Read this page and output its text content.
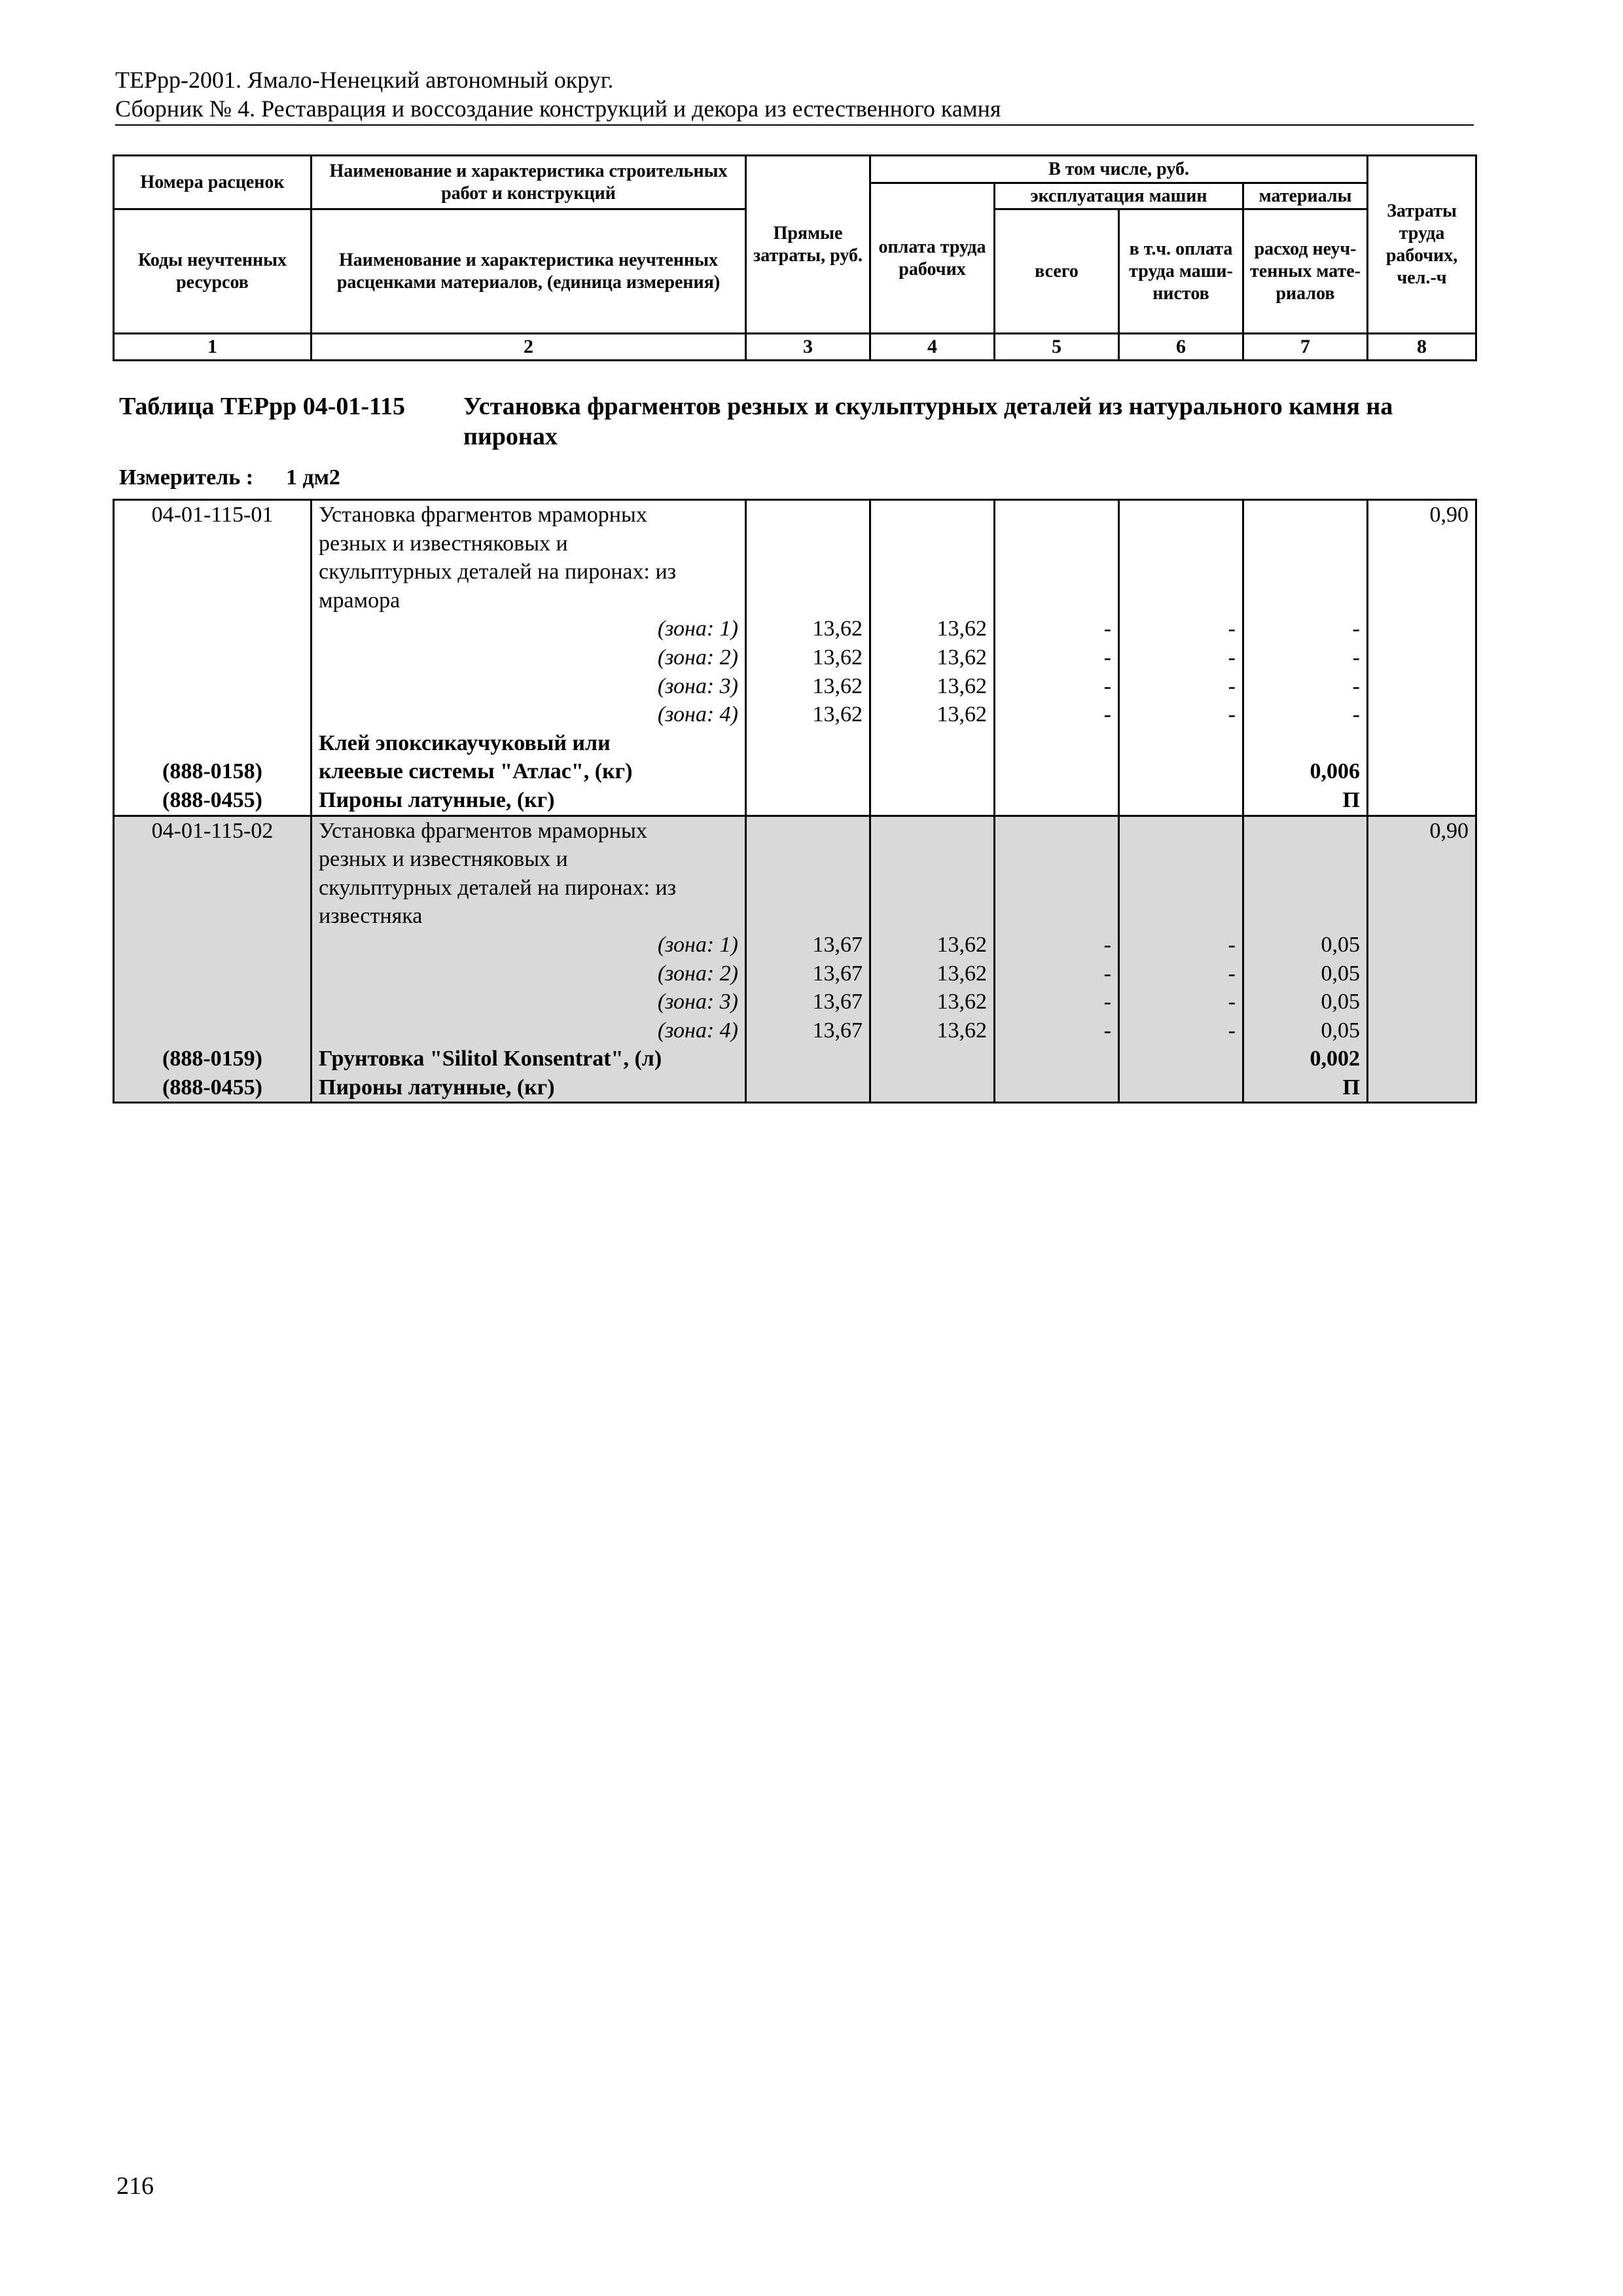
ТЕРрр-2001. Ямало-Ненецкий автономный округ.
Сборник № 4. Реставрация и воссоздание конструкций и декора из естественного камня
Номера расценок	Наименование и характеристика строительных работ и конструкций	Прямые затраты, руб.	В том числе, руб.				Затраты труда рабочих, чел.-ч
			оплата труда рабочих	эксплуатация машин		материалы	
Коды неучтенных ресурсов	Наименование и характеристика неучтенных расценками материалов, (единица измерения)			всего	в т.ч. оплата труда маши-нистов	расход неуч-тенных мате-риалов	

1	2	3	4	5	6	7	8
Таблица ТЕРрр 04-01-115 Установка фрагментов резных и скульптурных деталей из натурального камня на пиронах
Измеритель : 1 дм2
04-01-115-01	Установка фрагментов мраморных						0,90
	резных и известняковых и						
	скульптурных деталей на пиронах: из						
	мрамора						
	(зона: 1)	13,62	13,62	-	-	-	
	(зона: 2)	13,62	13,62	-	-	-	
	(зона: 3)	13,62	13,62	-	-	-	
	(зона: 4)	13,62	13,62	-	-	-	
	Клей эпоксикаучуковый или						
(888-0158)	клеевые системы "Атлас", (кг)					0,006	
(888-0455)	Пироны латунные, (кг)					П	
04-01-115-02	Установка фрагментов мраморных						0,90
	резных и известняковых и						
	скульптурных деталей на пиронах: из						
	известняка						
	(зона: 1)	13,67	13,62	-	-	0,05	
	(зона: 2)	13,67	13,62	-	-	0,05	
	(зона: 3)	13,67	13,62	-	-	0,05	
	(зона: 4)	13,67	13,62	-	-	0,05	
(888-0159)	Грунтовка "Silitol Konsentrat", (л)					0,002	
(888-0455)	Пироны латунные, (кг)					П	
216
